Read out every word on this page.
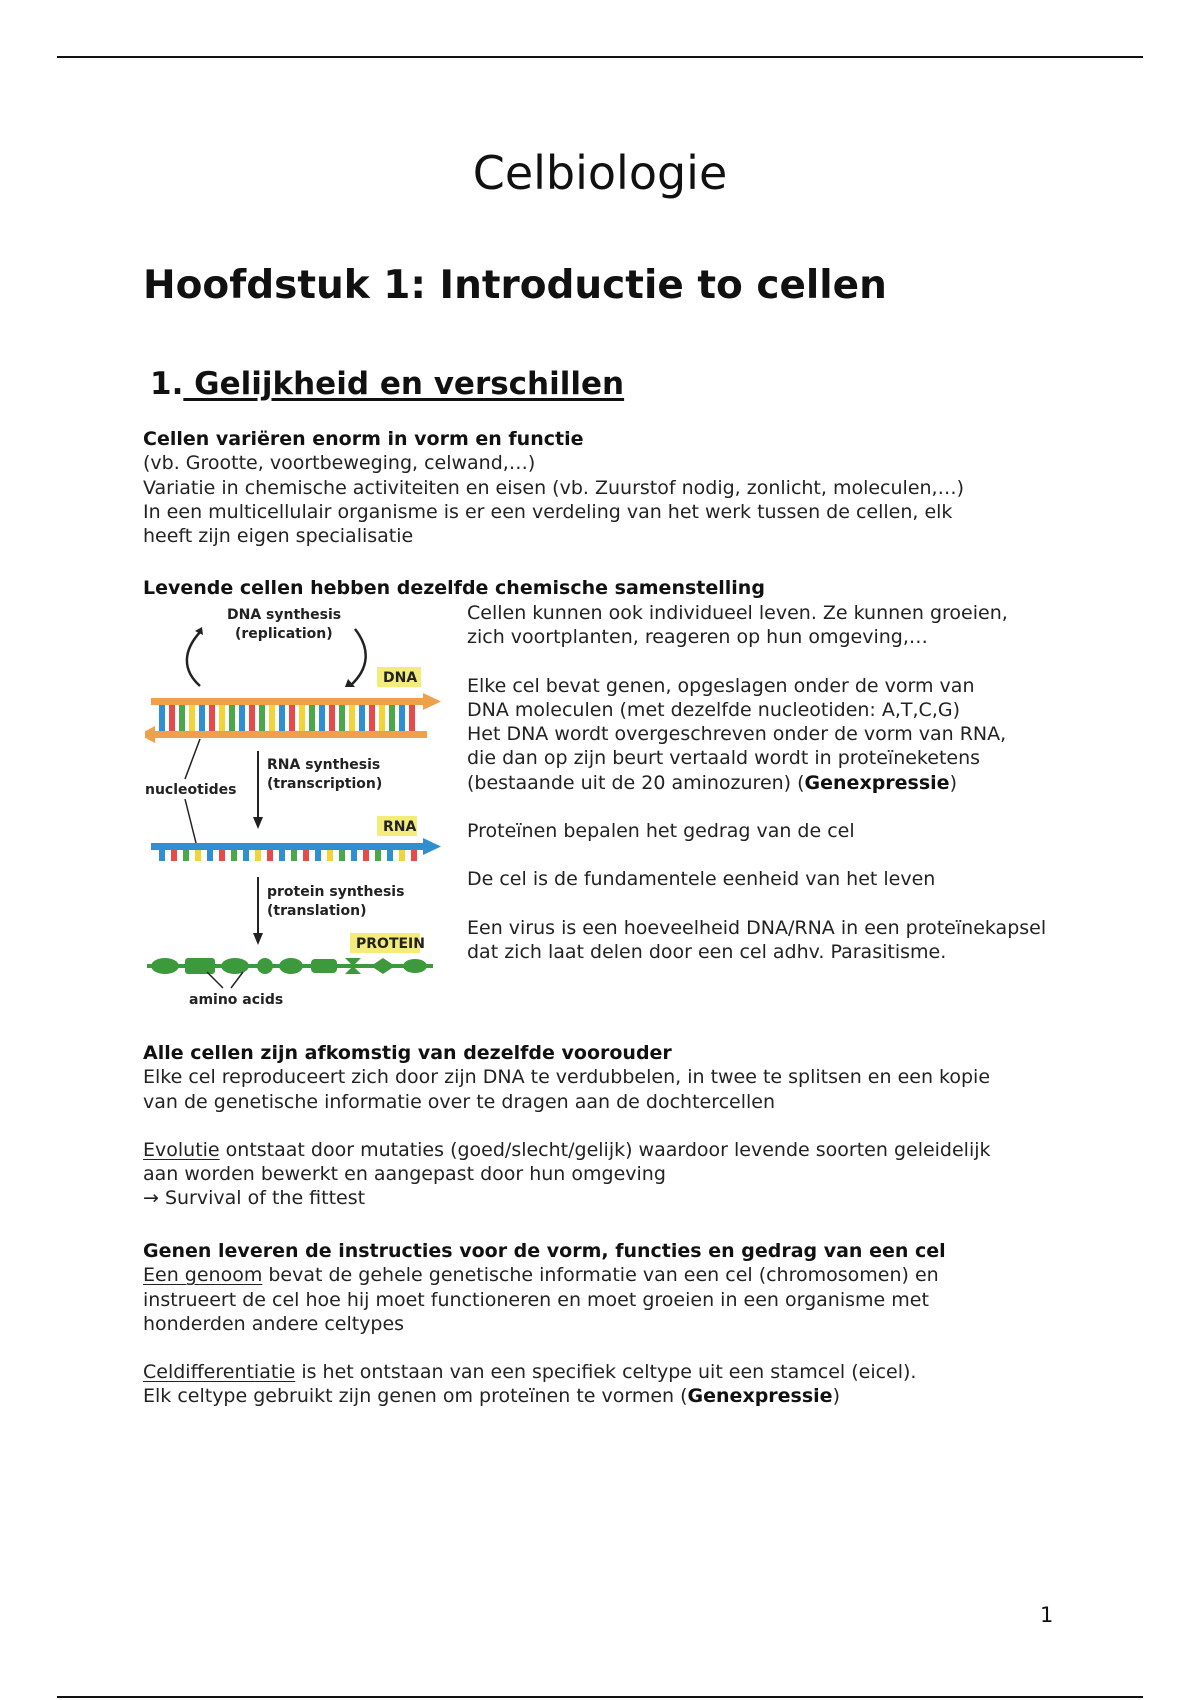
Celbiologie
Hoofdstuk 1: Introductie to cellen
1. Gelijkheid en verschillen

Cellen variëren enorm in vorm en functie

(vb. Grootte, voortbeweging, celwand,…)

Variatie in chemische activiteiten en eisen (vb. Zuurstof nodig, zonlicht, moleculen,…)

In een multicellulair organisme is er een verdeling van het werk tussen de cellen, elk

heeft zijn eigen specialisatie

Levende cellen hebben dezelfde chemische samenstelling

DNA synthesis
(replication)
DNA
RNA synthesis
(transcription)
nucleotides
RNA
protein synthesis
(translation)
PROTEIN
amino acids

Cellen kunnen ook individueel leven. Ze kunnen groeien,

zich voortplanten, reageren op hun omgeving,…

Elke cel bevat genen, opgeslagen onder de vorm van

DNA moleculen (met dezelfde nucleotiden: A,T,C,G)

Het DNA wordt overgeschreven onder de vorm van RNA,

die dan op zijn beurt vertaald wordt in proteïneketens

(bestaande uit de 20 aminozuren) (Genexpressie)

Proteïnen bepalen het gedrag van de cel

De cel is de fundamentele eenheid van het leven

Een virus is een hoeveelheid DNA/RNA in een proteïnekapsel

dat zich laat delen door een cel adhv. Parasitisme.

Alle cellen zijn afkomstig van dezelfde voorouder

Elke cel reproduceert zich door zijn DNA te verdubbelen, in twee te splitsen en een kopie

van de genetische informatie over te dragen aan de dochtercellen

Evolutie ontstaat door mutaties (goed/slecht/gelijk) waardoor levende soorten geleidelijk

aan worden bewerkt en aangepast door hun omgeving

→ Survival of the fittest

Genen leveren de instructies voor de vorm, functies en gedrag van een cel

Een genoom bevat de gehele genetische informatie van een cel (chromosomen) en

instrueert de cel hoe hij moet functioneren en moet groeien in een organisme met

honderden andere celtypes

Celdifferentiatie is het ontstaan van een specifiek celtype uit een stamcel (eicel).

Elk celtype gebruikt zijn genen om proteïnen te vormen (Genexpressie)

1
